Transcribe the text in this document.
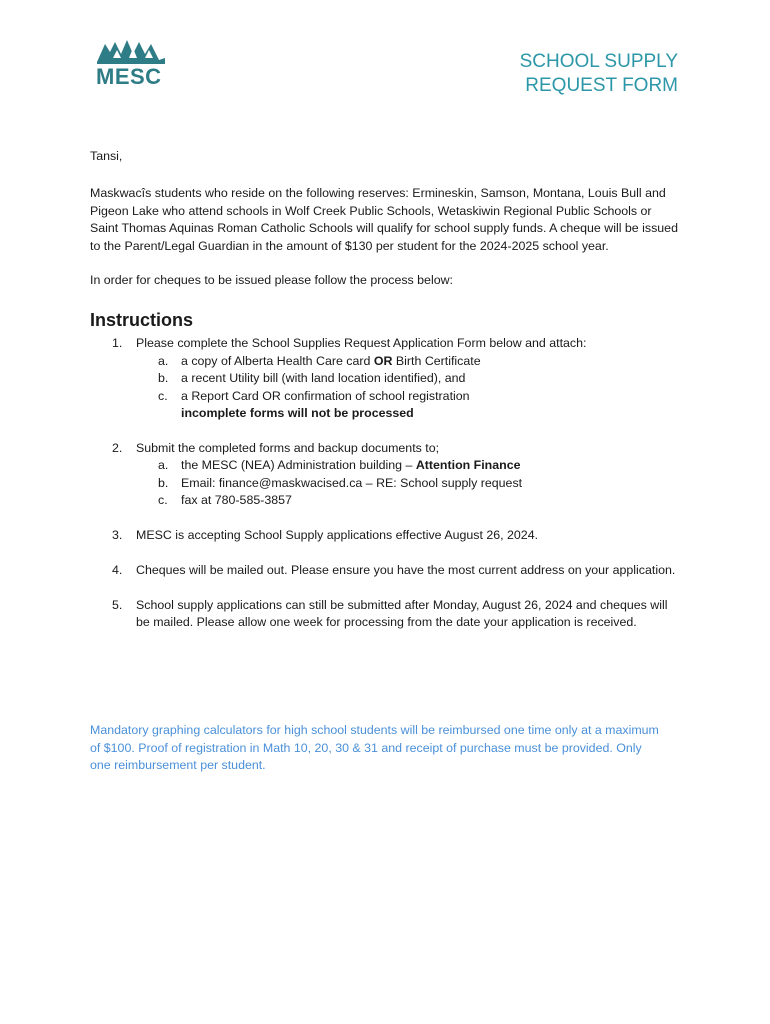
MESC
SCHOOL SUPPLY
REQUEST FORM

Tansi,

Maskwacîs students who reside on the following reserves: Ermineskin, Samson, Montana, Louis Bull and Pigeon Lake who attend schools in Wolf Creek Public Schools, Wetaskiwin Regional Public Schools or Saint Thomas Aquinas Roman Catholic Schools will qualify for school supply funds. A cheque will be issued to the Parent/Legal Guardian in the amount of $130 per student for the 2024-2025 school year.

In order for cheques to be issued please follow the process below:

Instructions
1. Please complete the School Supplies Request Application Form below and attach:
a. a copy of Alberta Health Care card OR Birth Certificate
b. a recent Utility bill (with land location identified), and
c. a Report Card OR confirmation of school registration
incomplete forms will not be processed
2. Submit the completed forms and backup documents to;
a. the MESC (NEA) Administration building – Attention Finance
b. Email: finance@maskwacised.ca – RE: School supply request
c. fax at 780-585-3857
3. MESC is accepting School Supply applications effective August 26, 2024.
4. Cheques will be mailed out. Please ensure you have the most current address on your application.
5. School supply applications can still be submitted after Monday, August 26, 2024 and cheques will be mailed. Please allow one week for processing from the date your application is received.

Mandatory graphing calculators for high school students will be reimbursed one time only at a maximum of $100. Proof of registration in Math 10, 20, 30 & 31 and receipt of purchase must be provided. Only one reimbursement per student.
